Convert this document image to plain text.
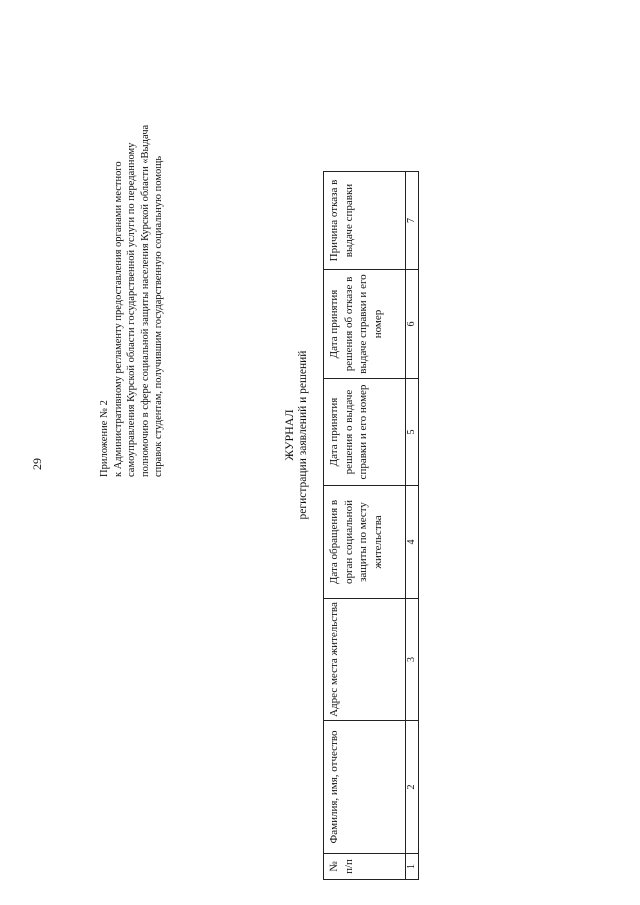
29	Приложение № 2 к Административному регламенту предоставления органами местного самоуправления Курской области государственной услуги по переданному полномочию в сфере социальной защиты населения Курской области «Выдача справок студентам, получившим государственную социальную помощь	ЖУРНАЛ регистрации заявлений и решений
№ п/п	Фамилия, имя, отчество	Адрес места жительства	Дата обращения в орган социальной защиты по месту жительства	Дата принятия решения о выдаче справки и его номер	Дата принятия решения об отказе в выдаче справки и его номер	Причина отказа в выдаче справки
1	2	3	4	5	6	7
